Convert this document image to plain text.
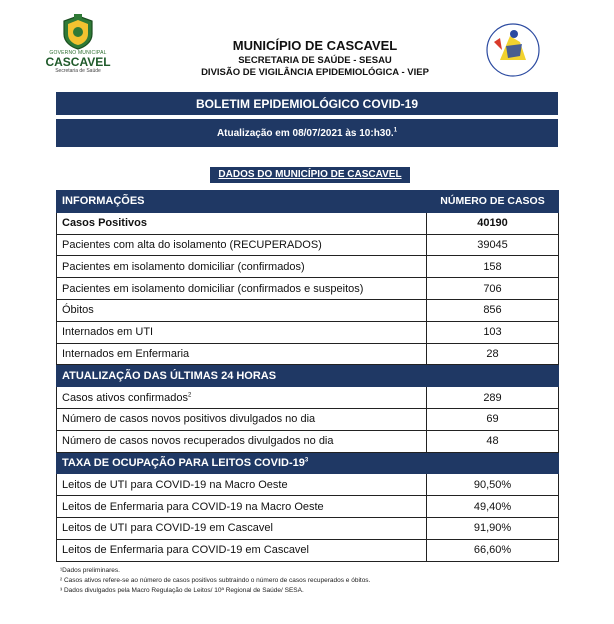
GOVERNO MUNICIPAL
CASCAVEL
Secretaria de Saúde
MUNICÍPIO DE CASCAVEL
SECRETARIA DE SAÚDE - SESAU
DIVISÃO DE VIGILÂNCIA EPIDEMIOLÓGICA - VIEP
BOLETIM EPIDEMIOLÓGICO COVID-19
Atualização em 08/07/2021 às 10:h30.$^1$
DADOS DO MUNICÍPIO DE CASCAVEL
INFORMAÇÕES	NÚMERO DE CASOS
Casos Positivos	40190
Pacientes com alta do isolamento (RECUPERADOS)	39045
Pacientes em isolamento domiciliar (confirmados)	158
Pacientes em isolamento domiciliar (confirmados e suspeitos)	706
Óbitos	856
Internados em UTI	103
Internados em Enfermaria	28
ATUALIZAÇÃO DAS ÚLTIMAS 24 HORAS	
Casos ativos confirmados$^2$	289
Número de casos novos positivos divulgados no dia	69
Número de casos novos recuperados divulgados no dia	48
TAXA DE OCUPAÇÃO PARA LEITOS COVID-$19^3$	
Leitos de UTI para COVID-19 na Macro Oeste	90,50%
Leitos de Enfermaria para COVID-19 na Macro Oeste	49,40%
Leitos de UTI para COVID-19 em Cascavel	91,90%
Leitos de Enfermaria para COVID-19 em Cascavel	66,60%
¹Dados preliminares.
² Casos ativos refere-se ao número de casos positivos subtraindo o número de casos recuperados e óbitos.
³ Dados divulgados pela Macro Regulação de Leitos/ 10ª Regional de Saúde/ SESA.
